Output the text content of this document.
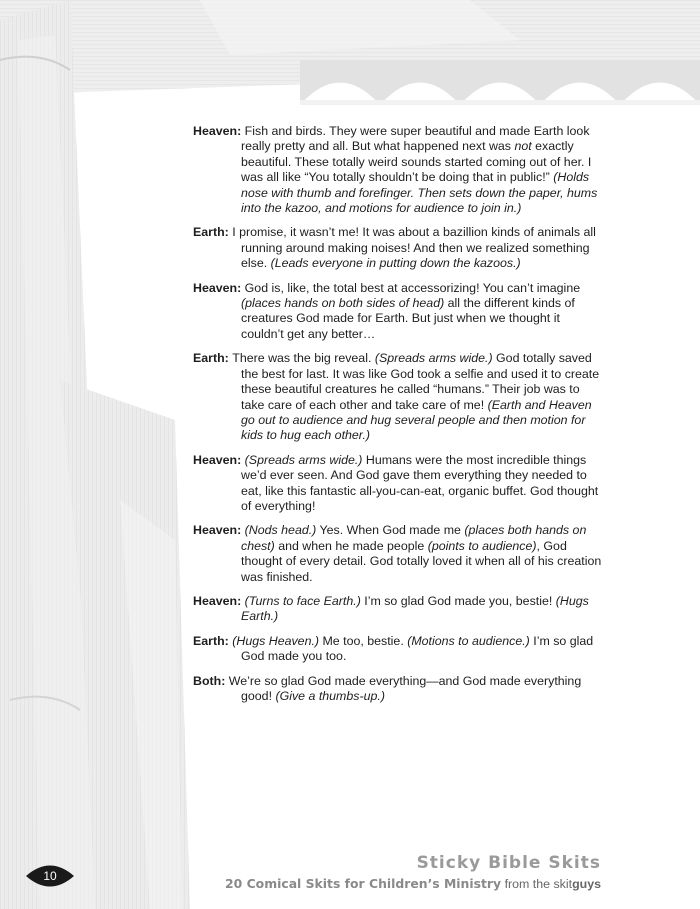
Heaven: Fish and birds. They were super beautiful and made Earth look really pretty and all. But what happened next was not exactly beautiful. These totally weird sounds started coming out of her. I was all like “You totally shouldn’t be doing that in public!” (Holds nose with thumb and forefinger. Then sets down the paper, hums into the kazoo, and motions for audience to join in.)

Earth: I promise, it wasn’t me! It was about a bazillion kinds of animals all running around making noises! And then we realized something else. (Leads everyone in putting down the kazoos.)

Heaven: God is, like, the total best at accessorizing! You can’t imagine (places hands on both sides of head) all the different kinds of creatures God made for Earth. But just when we thought it couldn’t get any better…

Earth: There was the big reveal. (Spreads arms wide.) God totally saved the best for last. It was like God took a selfie and used it to create these beautiful creatures he called “humans.” Their job was to take care of each other and take care of me! (Earth and Heaven go out to audience and hug several people and then motion for kids to hug each other.)

Heaven: (Spreads arms wide.) Humans were the most incredible things we’d ever seen. And God gave them everything they needed to eat, like this fantastic all-you-can-eat, organic buffet. God thought of everything!

Heaven: (Nods head.) Yes. When God made me (places both hands on chest) and when he made people (points to audience), God thought of every detail. God totally loved it when all of his creation was finished.

Heaven: (Turns to face Earth.) I’m so glad God made you, bestie! (Hugs Earth.)

Earth: (Hugs Heaven.) Me too, bestie. (Motions to audience.) I’m so glad God made you too.

Both: We’re so glad God made everything—and God made everything good! (Give a thumbs-up.)

10
Sticky Bible Skits
20 Comical Skits for Children’s Ministry from the skitguys
